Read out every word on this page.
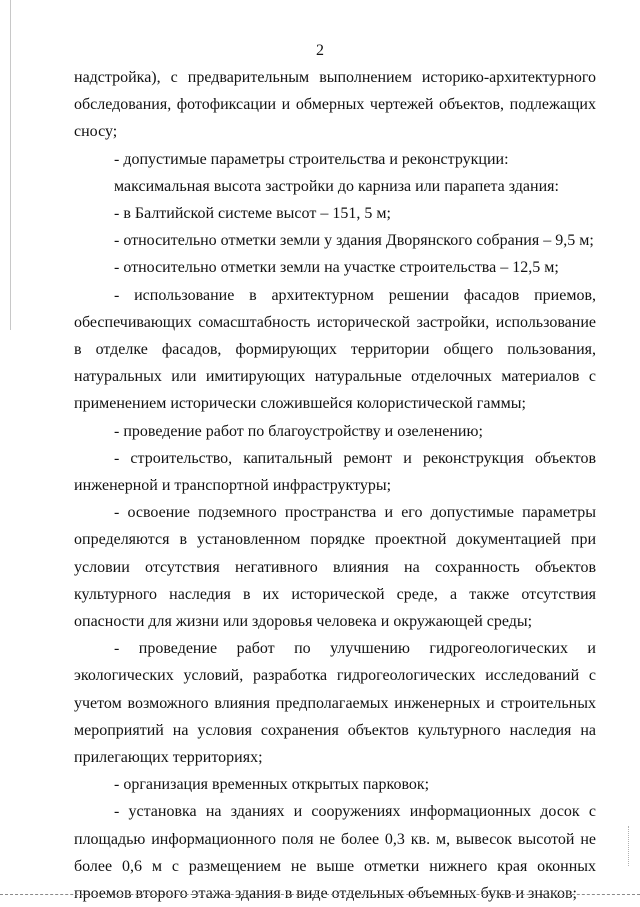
2

надстройка), с предварительным выполнением историко-архитектурного обследования, фотофиксации и обмерных чертежей объектов, подлежащих сносу;

- допустимые параметры строительства и реконструкции:

максимальная высота застройки до карниза или парапета здания:

- в Балтийской системе высот – 151, 5 м;

- относительно отметки земли у здания Дворянского собрания – 9,5 м;

- относительно отметки земли на участке строительства – 12,5 м;

- использование в архитектурном решении фасадов приемов, обеспечивающих сомасштабность исторической застройки, использование в отделке фасадов, формирующих территории общего пользования, натуральных или имитирующих натуральные отделочных материалов с применением исторически сложившейся колористической гаммы;

- проведение работ по благоустройству и озеленению;

- строительство, капитальный ремонт и реконструкция объектов инженерной и транспортной инфраструктуры;

- освоение подземного пространства и его допустимые параметры определяются в установленном порядке проектной документацией при условии отсутствия негативного влияния на сохранность объектов культурного наследия в их исторической среде, а также отсутствия опасности для жизни или здоровья человека и окружающей среды;

- проведение работ по улучшению гидрогеологических и экологических условий, разработка гидрогеологических исследований с учетом возможного влияния предполагаемых инженерных и строительных мероприятий на условия сохранения объектов культурного наследия на прилегающих территориях;

- организация временных открытых парковок;

- установка на зданиях и сооружениях информационных досок с площадью информационного поля не более 0,3 кв. м, вывесок высотой не более 0,6 м с размещением не выше отметки нижнего края оконных проемов второго этажа здания в виде отдельных объемных букв и знаков;
